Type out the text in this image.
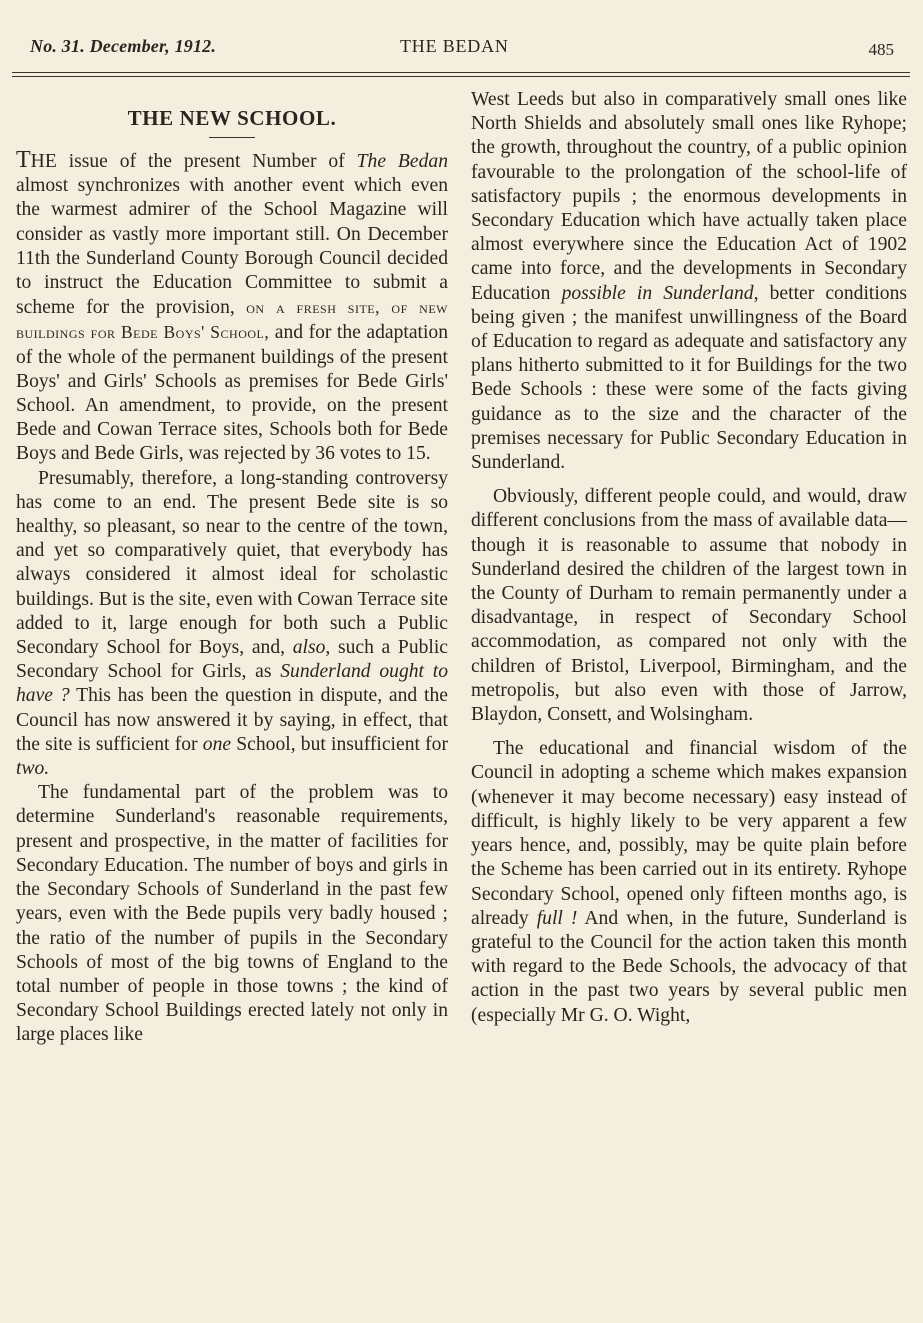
No. 31. December, 1912.	THE BEDAN	485
THE NEW SCHOOL.

THE issue of the present Number of The Bedan almost synchronizes with another event which even the warmest admirer of the School Magazine will consider as vastly more important still. On December 11th the Sunderland County Borough Council decided to instruct the Education Committee to submit a scheme for the provision, on a fresh site, of new buildings for Bede Boys' School, and for the adaptation of the whole of the permanent buildings of the present Boys' and Girls' Schools as premises for Bede Girls' School. An amendment, to provide, on the present Bede and Cowan Terrace sites, Schools both for Bede Boys and Bede Girls, was rejected by 36 votes to 15.

Presumably, therefore, a long-standing controversy has come to an end. The present Bede site is so healthy, so pleasant, so near to the centre of the town, and yet so comparatively quiet, that everybody has always considered it almost ideal for scholastic buildings. But is the site, even with Cowan Terrace site added to it, large enough for both such a Public Secondary School for Boys, and, also, such a Public Secondary School for Girls, as Sunderland ought to have ? This has been the question in dispute, and the Council has now answered it by saying, in effect, that the site is sufficient for one School, but insufficient for two.

The fundamental part of the problem was to determine Sunderland's reasonable requirements, present and prospective, in the matter of facilities for Secondary Education. The number of boys and girls in the Secondary Schools of Sunderland in the past few years, even with the Bede pupils very badly housed ; the ratio of the number of pupils in the Secondary Schools of most of the big towns of England to the total number of people in those towns ; the kind of Secondary School Buildings erected lately not only in large places like

West Leeds but also in comparatively small ones like North Shields and absolutely small ones like Ryhope; the growth, throughout the country, of a public opinion favourable to the prolongation of the school-life of satisfactory pupils ; the enormous developments in Secondary Education which have actually taken place almost everywhere since the Education Act of 1902 came into force, and the developments in Secondary Education possible in Sunderland, better conditions being given ; the manifest unwillingness of the Board of Education to regard as adequate and satisfactory any plans hitherto submitted to it for Buildings for the two Bede Schools : these were some of the facts giving guidance as to the size and the character of the premises necessary for Public Secondary Education in Sunderland.

Obviously, different people could, and would, draw different conclusions from the mass of available data—though it is reasonable to assume that nobody in Sunderland desired the children of the largest town in the County of Durham to remain permanently under a disadvantage, in respect of Secondary School accommodation, as compared not only with the children of Bristol, Liverpool, Birmingham, and the metropolis, but also even with those of Jarrow, Blaydon, Consett, and Wolsingham.

The educational and financial wisdom of the Council in adopting a scheme which makes expansion (whenever it may become necessary) easy instead of difficult, is highly likely to be very apparent a few years hence, and, possibly, may be quite plain before the Scheme has been carried out in its entirety. Ryhope Secondary School, opened only fifteen months ago, is already full ! And when, in the future, Sunderland is grateful to the Council for the action taken this month with regard to the Bede Schools, the advocacy of that action in the past two years by several public men (especially Mr G. O. Wight,
